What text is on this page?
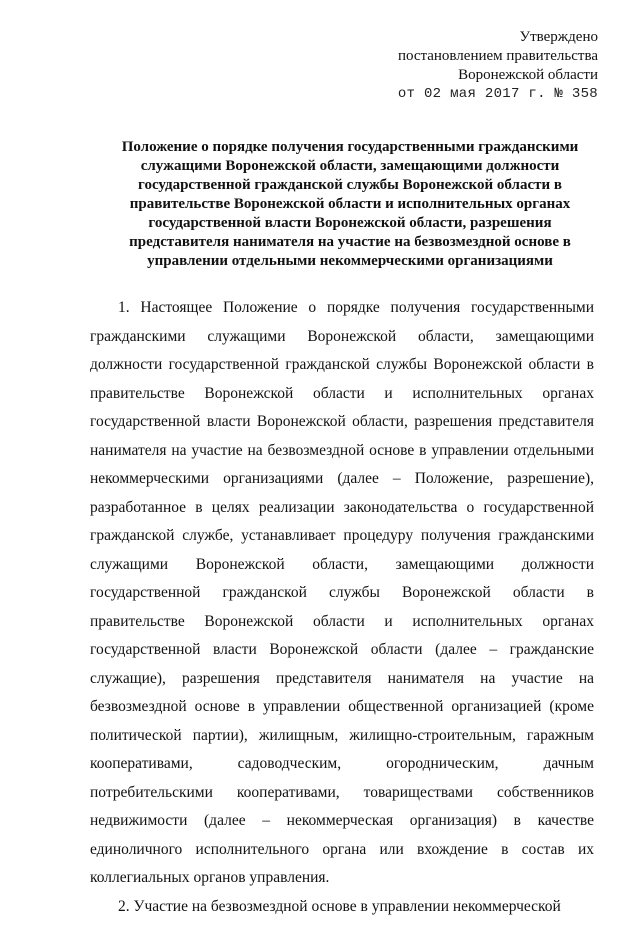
Утверждено
постановлением правительства
Воронежской области
от 02 мая 2017 г. № 358
Положение о порядке получения государственными гражданскими служащими Воронежской области, замещающими должности государственной гражданской службы Воронежской области в правительстве Воронежской области и исполнительных органах государственной власти Воронежской области, разрешения представителя нанимателя на участие на безвозмездной основе в управлении отдельными некоммерческими организациями

1. Настоящее Положение о порядке получения государственными гражданскими служащими Воронежской области, замещающими должности государственной гражданской службы Воронежской области в правительстве Воронежской области и исполнительных органах государственной власти Воронежской области, разрешения представителя нанимателя на участие на безвозмездной основе в управлении отдельными некоммерческими организациями (далее – Положение, разрешение), разработанное в целях реализации законодательства о государственной гражданской службе, устанавливает процедуру получения гражданскими служащими Воронежской области, замещающими должности государственной гражданской службы Воронежской области в правительстве Воронежской области и исполнительных органах государственной власти Воронежской области (далее – гражданские служащие), разрешения представителя нанимателя на участие на безвозмездной основе в управлении общественной организацией (кроме политической партии), жилищным, жилищно-строительным, гаражным кооперативами, садоводческим, огородническим, дачным потребительскими кооперативами, товариществами собственников недвижимости (далее – некоммерческая организация) в качестве единоличного исполнительного органа или вхождение в состав их коллегиальных органов управления.

2. Участие на безвозмездной основе в управлении некоммерческой
